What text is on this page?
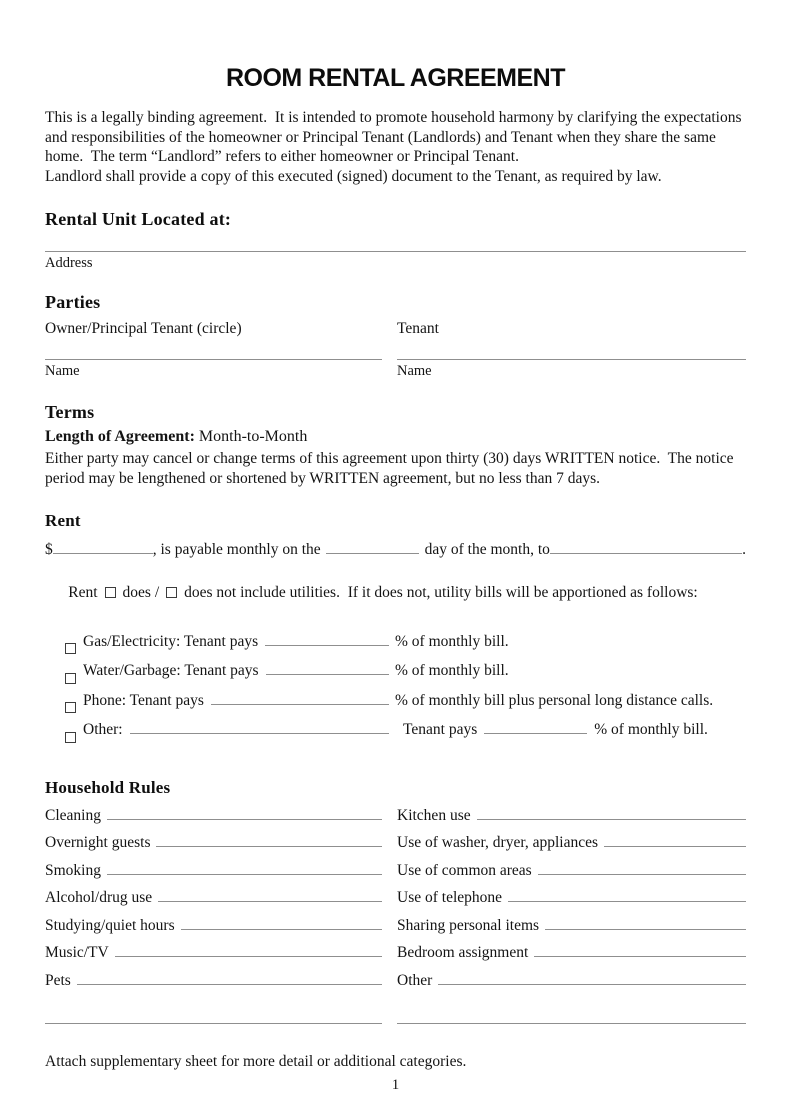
ROOM RENTAL AGREEMENT

This is a legally binding agreement.  It is intended to promote household harmony by clarifying the expectations and responsibilities of the homeowner or Principal Tenant (Landlords) and Tenant when they share the same home.  The term “Landlord” refers to either homeowner or Principal Tenant.

Landlord shall provide a copy of this executed (signed) document to the Tenant, as required by law.

Rental Unit Located at:
Address
Parties
Owner/Principal Tenant (circle)	Tenant
Name	Name
Terms
Length of Agreement: Month-to-Month

Either party may cancel or change terms of this agreement upon thirty (30) days WRITTEN notice.  The notice period may be lengthened or shortened by WRITTEN agreement, but no less than 7 days.

Rent
$	, is payable monthly on the	day of the month, to	.

Rent does / does not include utilities.  If it does not, utility bills will be apportioned as follows:

Gas/Electricity: Tenant pays	% of monthly bill.
Water/Garbage: Tenant pays	% of monthly bill.
Phone: Tenant pays	% of monthly bill plus personal long distance calls.
Other:	Tenant pays	% of monthly bill.
Household Rules
Cleaning	Kitchen use
Overnight guests	Use of washer, dryer, appliances
Smoking	Use of common areas
Alcohol/drug use	Use of telephone
Studying/quiet hours	Sharing personal items
Music/TV	Bedroom assignment
Pets	Other
Attach supplementary sheet for more detail or additional categories.
1
